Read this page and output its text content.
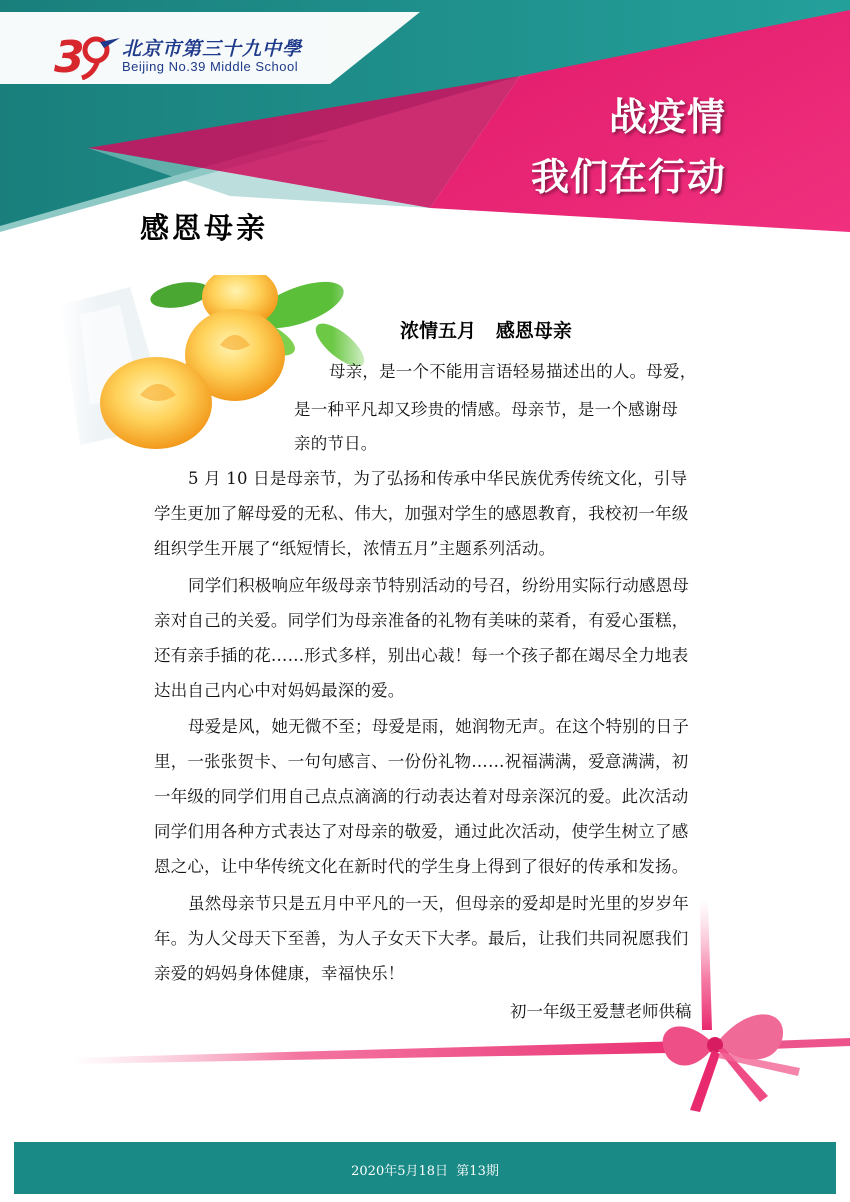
3 北京市第三十九中學
Beijing No.39 Middle School
战疫情
我们在行动
感恩母亲
浓情五月   感恩母亲
母亲，是一个不能用言语轻易描述出的人。母爱，
是一种平凡却又珍贵的情感。母亲节，是一个感谢母
亲的节日。
5 月 10 日是母亲节，为了弘扬和传承中华民族优秀传统文化，引导
学生更加了解母爱的无私、伟大，加强对学生的感恩教育，我校初一年级
组织学生开展了“纸短情长，浓情五月”主题系列活动。
同学们积极响应年级母亲节特别活动的号召，纷纷用实际行动感恩母
亲对自己的关爱。同学们为母亲准备的礼物有美味的菜肴，有爱心蛋糕，
还有亲手插的花……形式多样，别出心裁！每一个孩子都在竭尽全力地表
达出自己内心中对妈妈最深的爱。
母爱是风，她无微不至；母爱是雨，她润物无声。在这个特别的日子
里，一张张贺卡、一句句感言、一份份礼物……祝福满满，爱意满满，初
一年级的同学们用自己点点滴滴的行动表达着对母亲深沉的爱。此次活动
同学们用各种方式表达了对母亲的敬爱，通过此次活动，使学生树立了感
恩之心，让中华传统文化在新时代的学生身上得到了很好的传承和发扬。
虽然母亲节只是五月中平凡的一天，但母亲的爱却是时光里的岁岁年
年。为人父母天下至善，为人子女天下大孝。最后，让我们共同祝愿我们
亲爱的妈妈身体健康，幸福快乐！
初一年级王爱慧老师供稿
2020年5月18日  第13期
